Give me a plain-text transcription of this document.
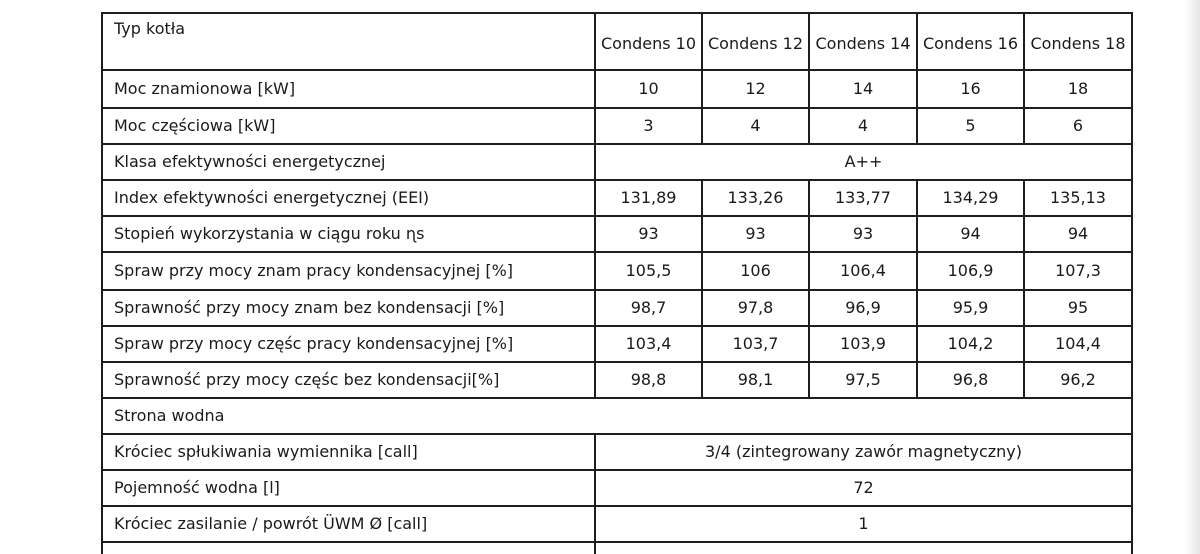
Typ kotła	Condens 10	Condens 12	Condens 14	Condens 16	Condens 18
Moc znamionowa [kW]	10	12	14	16	18
Moc częściowa [kW]	3	4	4	5	6
Klasa efektywności energetycznej	A++				
Index efektywności energetycznej (EEI)	131,89	133,26	133,77	134,29	135,13
Stopień wykorzystania w ciągu roku ɳs	93	93	93	94	94
Spraw przy mocy znam pracy kondensacyjnej [%]	105,5	106	106,4	106,9	107,3
Sprawność przy mocy znam bez kondensacji [%]	98,7	97,8	96,9	95,9	95
Spraw przy mocy częśc pracy kondensacyjnej [%]	103,4	103,7	103,9	104,2	104,4
Sprawność przy mocy częśc bez kondensacji[%]	98,8	98,1	97,5	96,8	96,2
Strona wodna					
Króciec spłukiwania wymiennika [call]	3/4 (zintegrowany zawór magnetyczny)				
Pojemność wodna [l]	72				
Króciec zasilanie / powrót ÜWM Ø [call]	1				
